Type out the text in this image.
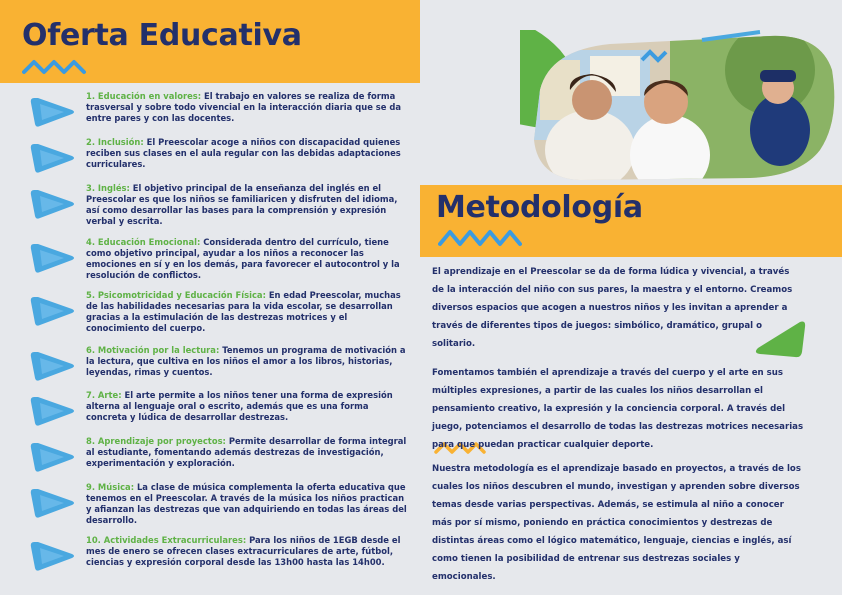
Oferta Educativa
1. Educación en valores: El trabajo en valores se realiza de forma trasversal y sobre todo vivencial en la interacción diaria que se da entre pares y con las docentes.
2. Inclusión: El Preescolar acoge a niños con discapacidad quienes reciben sus clases en el aula regular con las debidas adaptaciones curriculares.
3. Inglés: El objetivo principal de la enseñanza del inglés en el Preescolar es que los niños se familiaricen y disfruten del idioma, así como desarrollar las bases para la comprensión y expresión verbal y escrita.
4. Educación Emocional: Considerada dentro del currículo, tiene como objetivo principal, ayudar a los niños a reconocer las emociones en sí y en los demás, para favorecer el autocontrol y la resolución de conflictos.
5. Psicomotricidad y Educación Física: En edad Preescolar, muchas de las habilidades necesarias para la vida escolar, se desarrollan gracias a la estimulación de las destrezas motrices y el conocimiento del cuerpo.
6. Motivación por la lectura: Tenemos un programa de motivación a la lectura, que cultiva en los niños el amor a los libros, historias, leyendas, rimas y cuentos.
7. Arte: El arte permite a los niños tener una forma de expresión alterna al lenguaje oral o escrito, además que es una forma concreta y lúdica de desarrollar destrezas.
8. Aprendizaje por proyectos: Permite desarrollar de forma integral al estudiante, fomentando además destrezas de investigación, experimentación y exploración.
9. Música: La clase de música complementa la oferta educativa que tenemos en el Preescolar. A través de la música los niños practican y afianzan las destrezas que van adquiriendo en todas las áreas del desarrollo.
10. Actividades Extracurriculares: Para los niños de 1EGB desde el mes de enero se ofrecen clases extracurriculares de arte, fútbol, ciencias y expresión corporal desde las 13h00 hasta las 14h00.
Metodología

El aprendizaje en el Preescolar se da de forma lúdica y vivencial, a través de la interacción del niño con sus pares, la maestra y el entorno. Creamos diversos espacios que acogen a nuestros niños y les invitan a aprender a través de diferentes tipos de juegos: simbólico, dramático, grupal o solitario.

Fomentamos también el aprendizaje a través del cuerpo y el arte en sus múltiples expresiones, a partir de las cuales los niños desarrollan el pensamiento creativo, la expresión y la conciencia corporal. A través del juego, potenciamos el desarrollo de todas las destrezas motrices necesarias para que puedan practicar cualquier deporte.

Nuestra metodología es el aprendizaje basado en proyectos, a través de los cuales los niños descubren el mundo, investigan y aprenden sobre diversos temas desde varias perspectivas. Además, se estimula al niño a conocer más por sí mismo, poniendo en práctica conocimientos y destrezas de distintas áreas como el lógico matemático, lenguaje, ciencias e inglés, así como tienen la posibilidad de entrenar sus destrezas sociales y emocionales.
